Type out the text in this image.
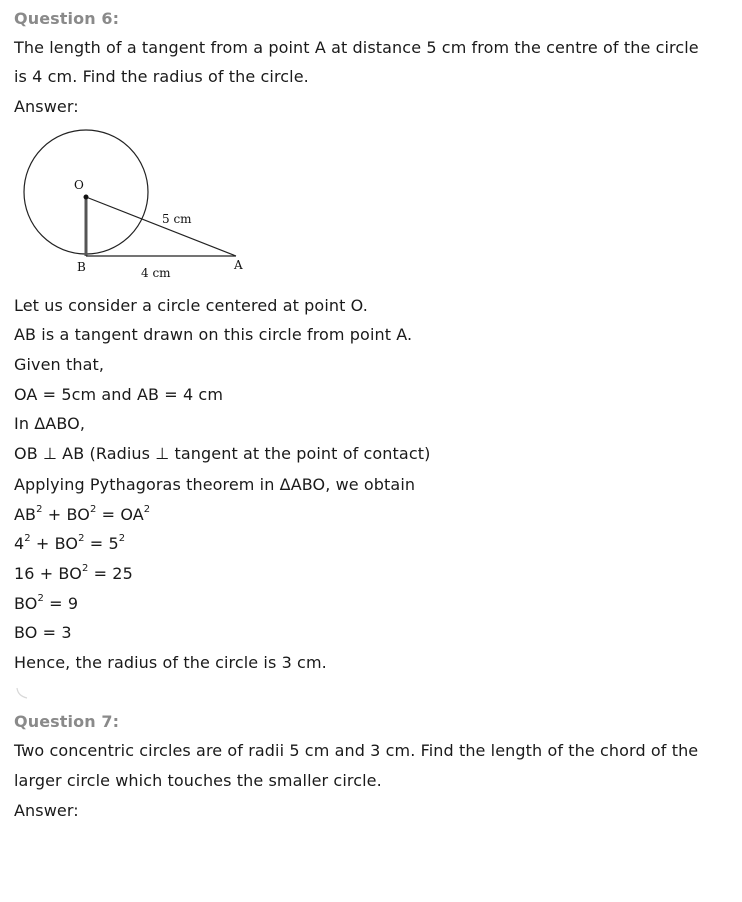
Question 6:
The length of a tangent from a point A at distance 5 cm from the centre of the circle
is 4 cm. Find the radius of the circle.
Answer:
O
B	A
5 cm
4 cm
Let us consider a circle centered at point O.
AB is a tangent drawn on this circle from point A.
Given that,
OA = 5cm and AB = 4 cm
In ΔABO,
OB ⊥ AB (Radius ⊥ tangent at the point of contact)
Applying Pythagoras theorem in ΔABO, we obtain
$AB^2 + BO^2 = OA^2$
$4^2 + BO^2 = 5^2$
$16 + BO^2 = 25$
$BO^2 = 9$
BO = 3
Hence, the radius of the circle is 3 cm.
Question 7:
Two concentric circles are of radii 5 cm and 3 cm. Find the length of the chord of the
larger circle which touches the smaller circle.
Answer:
